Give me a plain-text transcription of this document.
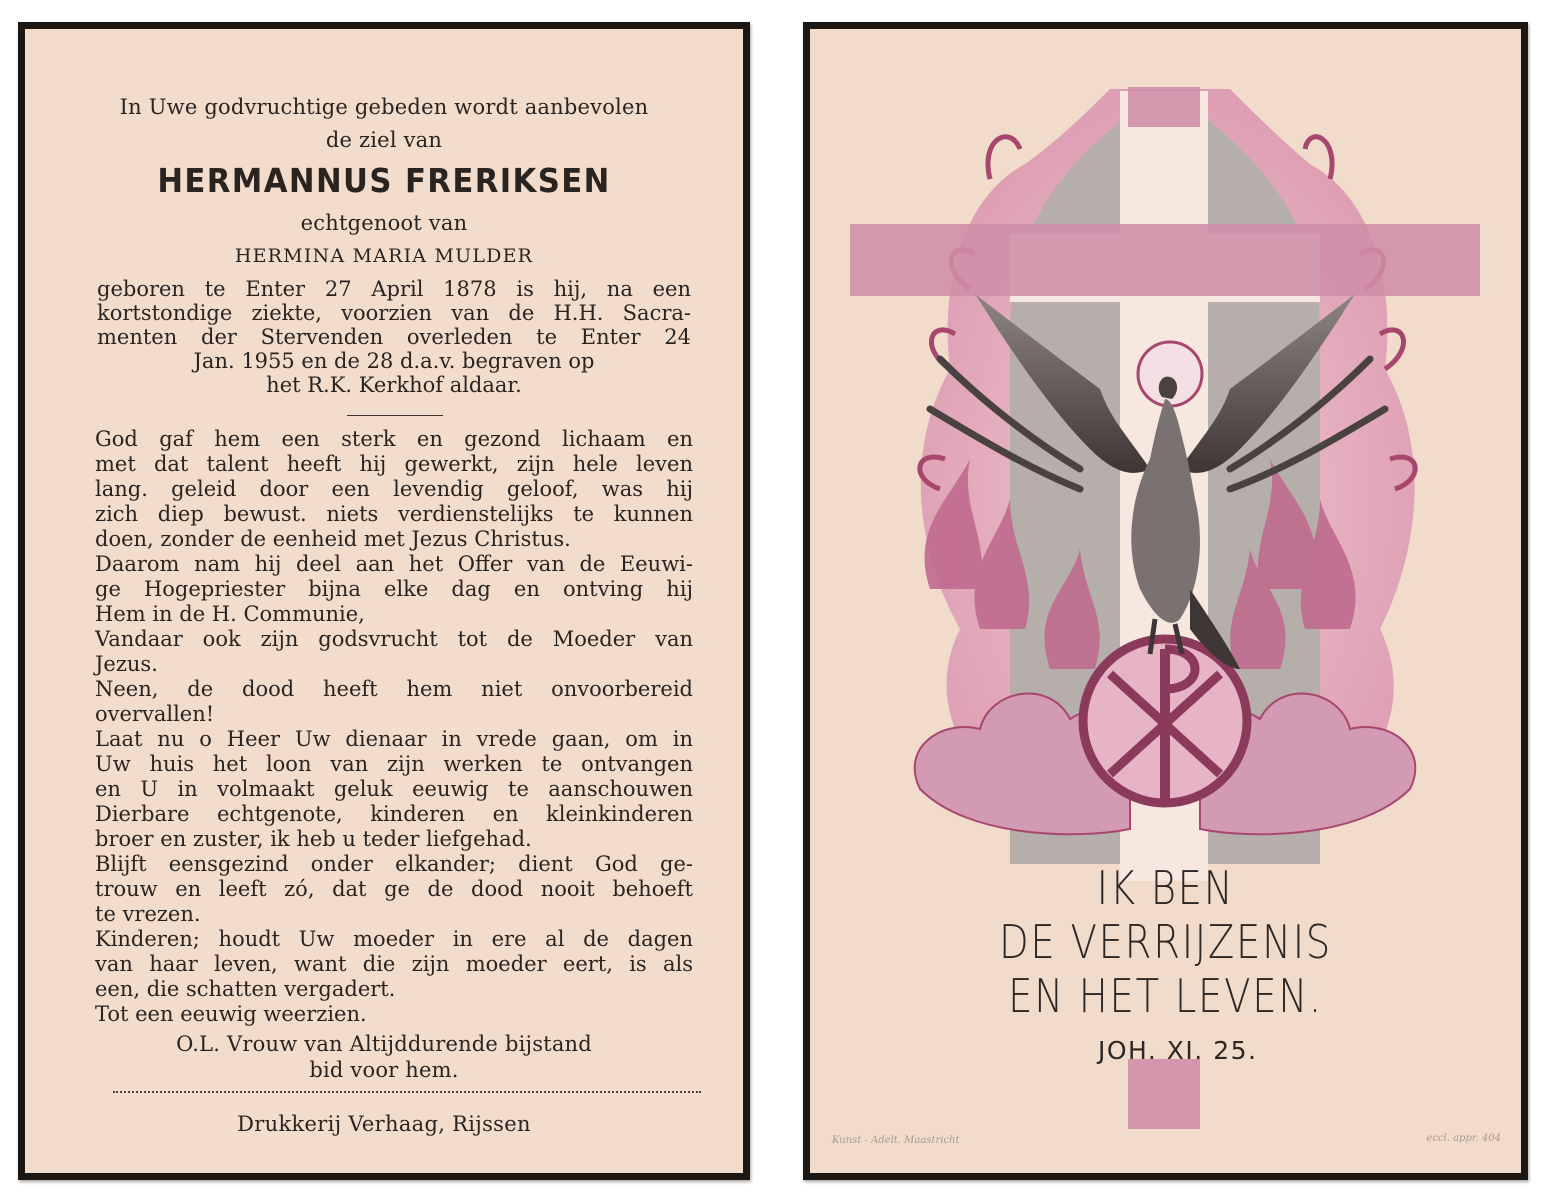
In Uwe godvruchtige gebeden wordt aanbevolen
de ziel van
HERMANNUS FRERIKSEN
echtgenoot van
HERMINA MARIA MULDER
geboren te Enter 27 April 1878 is hij, na een
kortstondige ziekte, voorzien van de H.H. Sacra-
menten der Stervenden overleden te Enter 24
Jan. 1955 en de 28 d.a.v. begraven op
het R.K. Kerkhof aldaar.
God gaf hem een sterk en gezond lichaam en
met dat talent heeft hij gewerkt, zijn hele leven
lang. geleid door een levendig geloof, was hij
zich diep bewust. niets verdienstelijks te kunnen
doen, zonder de eenheid met Jezus Christus.
Daarom nam hij deel aan het Offer van de Eeuwi-
ge Hogepriester bijna elke dag en ontving hij
Hem in de H. Communie,
Vandaar ook zijn godsvrucht tot de Moeder van
Jezus.
Neen, de dood heeft hem niet onvoorbereid
overvallen!
Laat nu o Heer Uw dienaar in vrede gaan, om in
Uw huis het loon van zijn werken te ontvangen
en U in volmaakt geluk eeuwig te aanschouwen
Dierbare echtgenote, kinderen en kleinkinderen
broer en zuster, ik heb u teder liefgehad.
Blijft eensgezind onder elkander; dient God ge-
trouw en leeft zó, dat ge de dood nooit behoeft
te vrezen.
Kinderen; houdt Uw moeder in ere al de dagen
van haar leven, want die zijn moeder eert, is als
een, die schatten vergadert.
Tot een eeuwig weerzien.
O.L. Vrouw van Altijddurende bijstand
bid voor hem.
Drukkerij Verhaag, Rijssen
IK BEN
DE VERRIJZENIS
EN HET LEVEN.
JOH. XI. 25.
Kunst - Adelt. Maastricht	eccl. appr. 404
